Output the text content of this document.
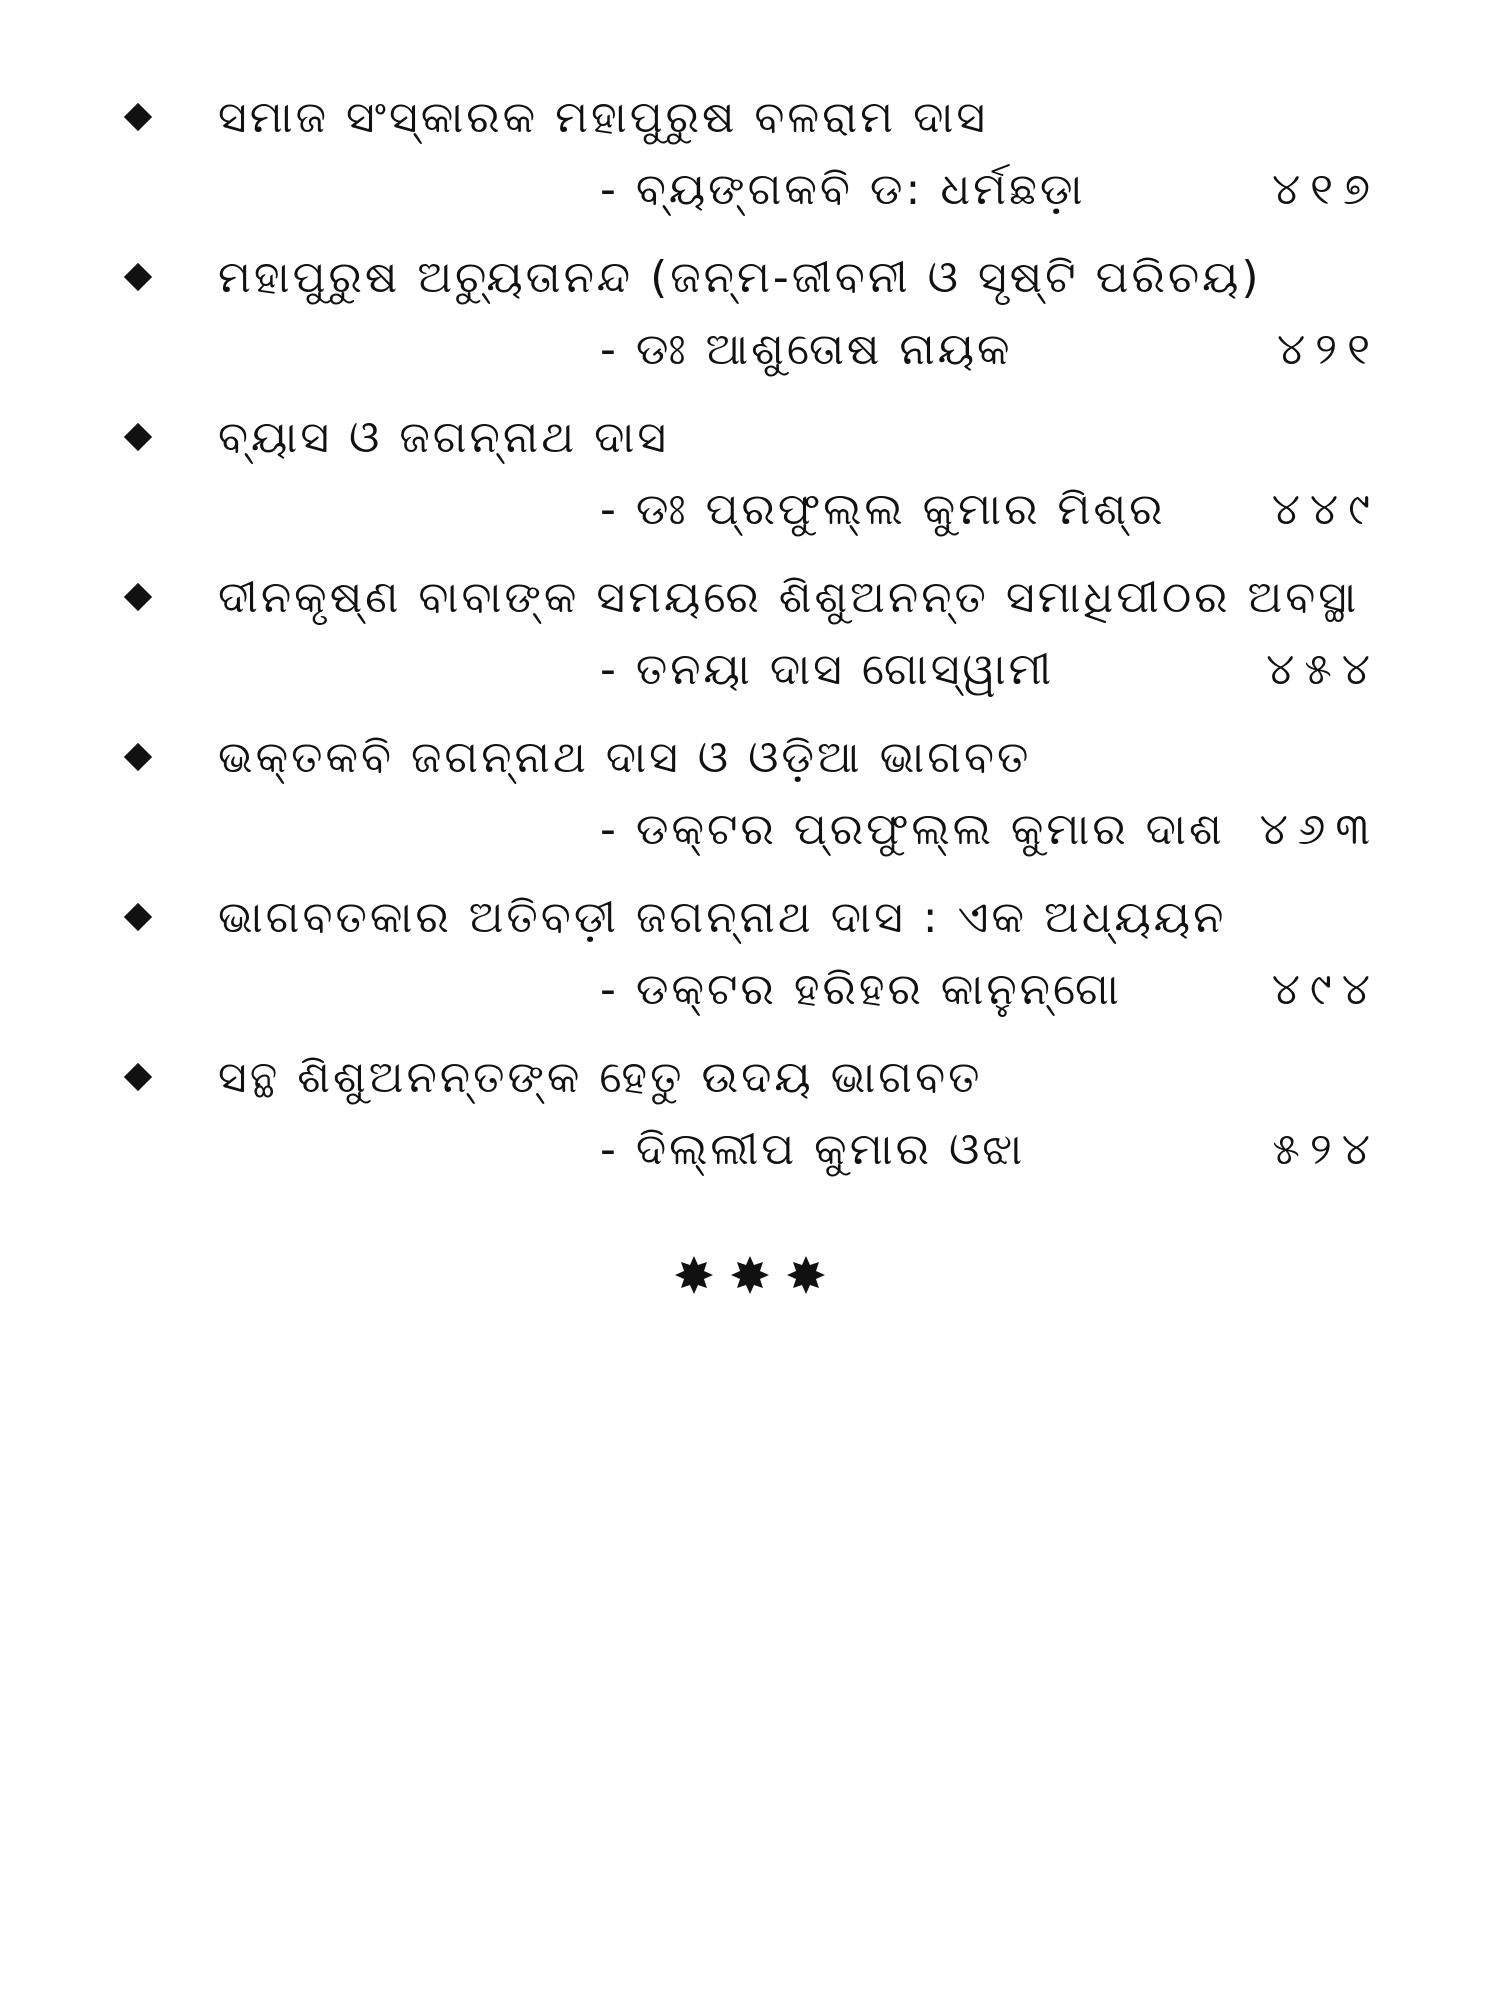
ସମାଜ ସଂସ୍କାରକ ମହାପୁରୁଷ ବଳରାମ ଦାସ
- ବ୍ୟଙ୍ଗକବି ଡ: ଧର୍ମଛଡ଼ା	୪୧୭
ମହାପୁରୁଷ ଅଚ୍ୟୁତାନନ୍ଦ (ଜନ୍ମ-ଜୀବନୀ ଓ ସୃଷ୍ଟି ପରିଚୟ)
- ଡଃ ଆଶୁତୋଷ ନାୟକ	୪୨୧
ବ୍ୟାସ ଓ ଜଗନ୍ନାଥ ଦାସ
- ଡଃ ପ୍ରଫୁଲ୍ଲ କୁମାର ମିଶ୍ର ୪୪୯
ଦୀନକୃଷ୍ଣ ବାବାଙ୍କ ସମୟରେ ଶିଶୁଅନନ୍ତ ସମାଧିପୀଠର ଅବସ୍ଥା
- ତନୟା ଦାସ ଗୋସ୍ୱାମୀ	୪୫୪
ଭକ୍ତକବି ଜଗନ୍ନାଥ ଦାସ ଓ ଓଡ଼ିଆ ଭାଗବତ
- ଡକ୍ଟର ପ୍ରଫୁଲ୍ଲ କୁମାର ଦାଶ ୪୬୩
ଭାଗବତକାର ଅତିବଡ଼ୀ ଜଗନ୍ନାଥ ଦାସ : ଏକ ଅଧ୍ୟୟନ
- ଡକ୍ଟର ହରିହର କାନୁନ୍‌ଗୋ	୪୯୪
ସନ୍ଥ ଶିଶୁଅନନ୍ତଙ୍କ ହେତୁ ଉଦୟ ଭାଗବତ
- ଦିଲ୍ଲୀପ କୁମାର ଓଝା	୫୨୪
